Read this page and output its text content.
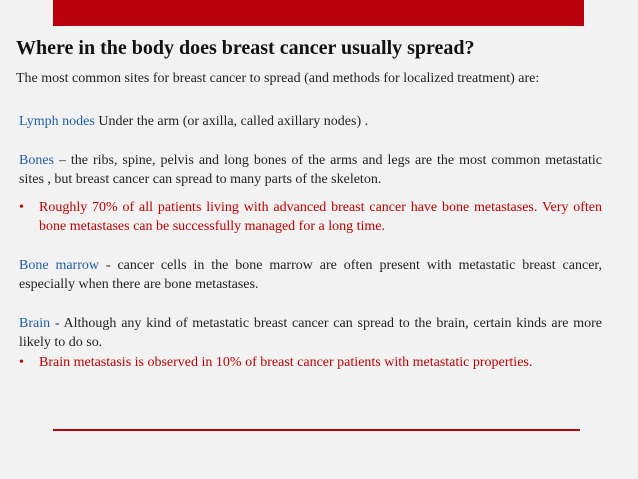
Where in the body does breast cancer usually spread?
The most common sites for breast cancer to spread (and methods for localized treatment) are:

Lymph nodes Under the arm (or axilla, called axillary nodes) .

Bones – the ribs, spine, pelvis and long bones of the arms and legs are the most common metastatic sites , but breast cancer can spread to many parts of the skeleton.

•	Roughly 70% of all patients living with advanced breast cancer have bone metastases. Very often bone metastases can be successfully managed for a long time.

Bone marrow - cancer cells in the bone marrow are often present with metastatic breast cancer, especially when there are bone metastases.

Brain - Although any kind of metastatic breast cancer can spread to the brain, certain kinds are more likely to do so.

•	Brain metastasis is observed in 10% of breast cancer patients with metastatic properties.
